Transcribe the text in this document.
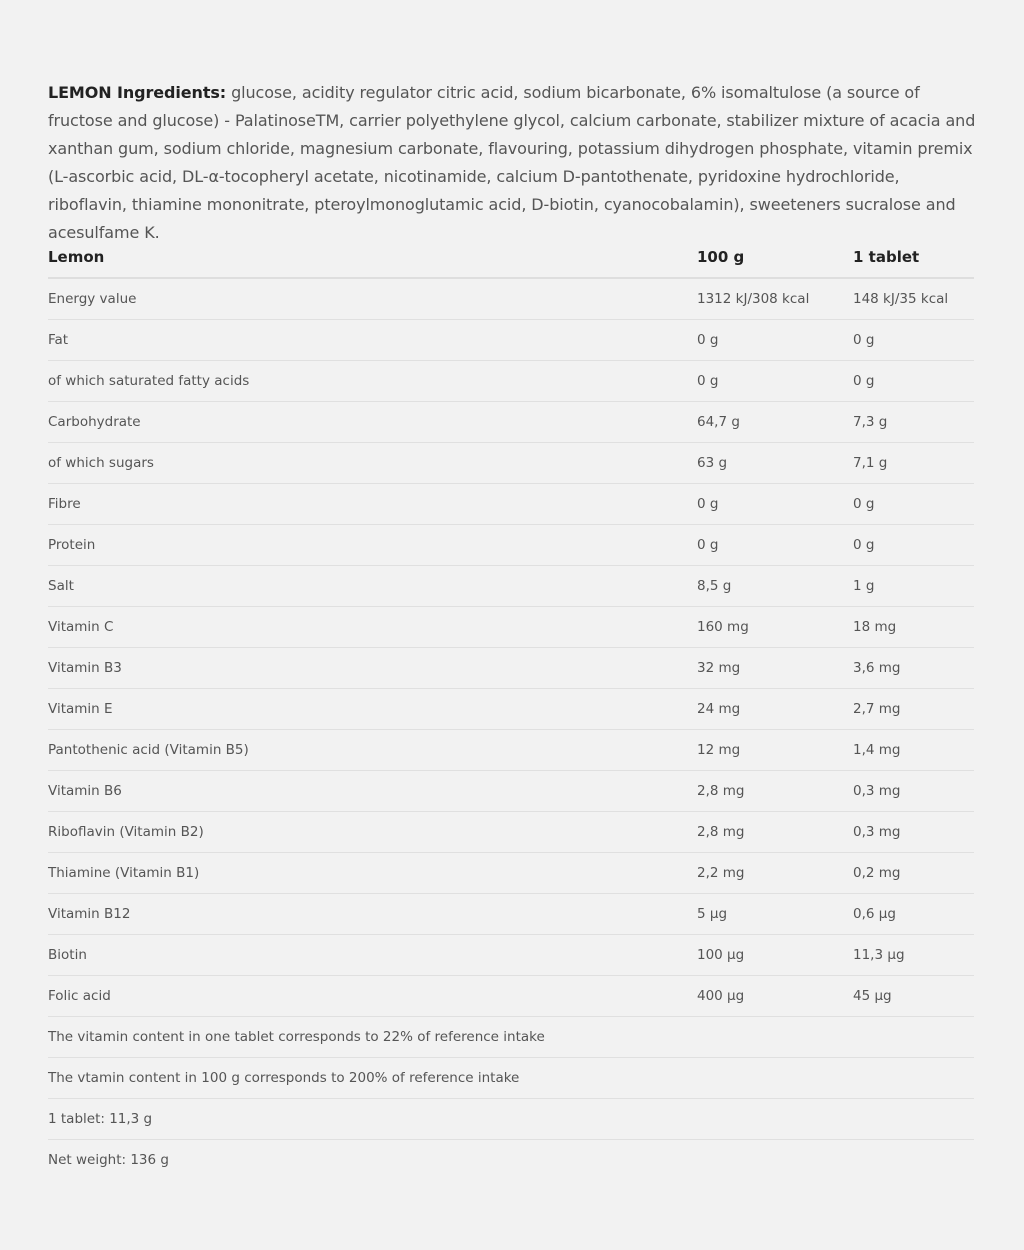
LEMON Ingredients: glucose, acidity regulator citric acid, sodium bicarbonate, 6% isomaltulose (a source of fructose and glucose) - PalatinoseTM, carrier polyethylene glycol, calcium carbonate, stabilizer mixture of acacia and xanthan gum, sodium chloride, magnesium carbonate, flavouring, potassium dihydrogen phosphate, vitamin premix (L-ascorbic acid, DL-α-tocopheryl acetate, nicotinamide, calcium D-pantothenate, pyridoxine hydrochloride, riboflavin, thiamine mononitrate, pteroylmonoglutamic acid, D-biotin, cyanocobalamin), sweeteners sucralose and acesulfame K.

Lemon	100 g	1 tablet
Energy value	1312 kJ/308 kcal	148 kJ/35 kcal
Fat	0 g	0 g
of which saturated fatty acids	0 g	0 g
Carbohydrate	64,7 g	7,3 g
of which sugars	63 g	7,1 g
Fibre	0 g	0 g
Protein	0 g	0 g
Salt	8,5 g	1 g
Vitamin C	160 mg	18 mg
Vitamin B3	32 mg	3,6 mg
Vitamin E	24 mg	2,7 mg
Pantothenic acid (Vitamin B5)	12 mg	1,4 mg
Vitamin B6	2,8 mg	0,3 mg
Riboflavin (Vitamin B2)	2,8 mg	0,3 mg
Thiamine (Vitamin B1)	2,2 mg	0,2 mg
Vitamin B12	5 µg	0,6 µg
Biotin	100 µg	11,3 µg
Folic acid	400 µg	45 µg
The vitamin content in one tablet corresponds to 22% of reference intake		
The vtamin content in 100 g corresponds to 200% of reference intake		
1 tablet: 11,3 g		
Net weight: 136 g		
